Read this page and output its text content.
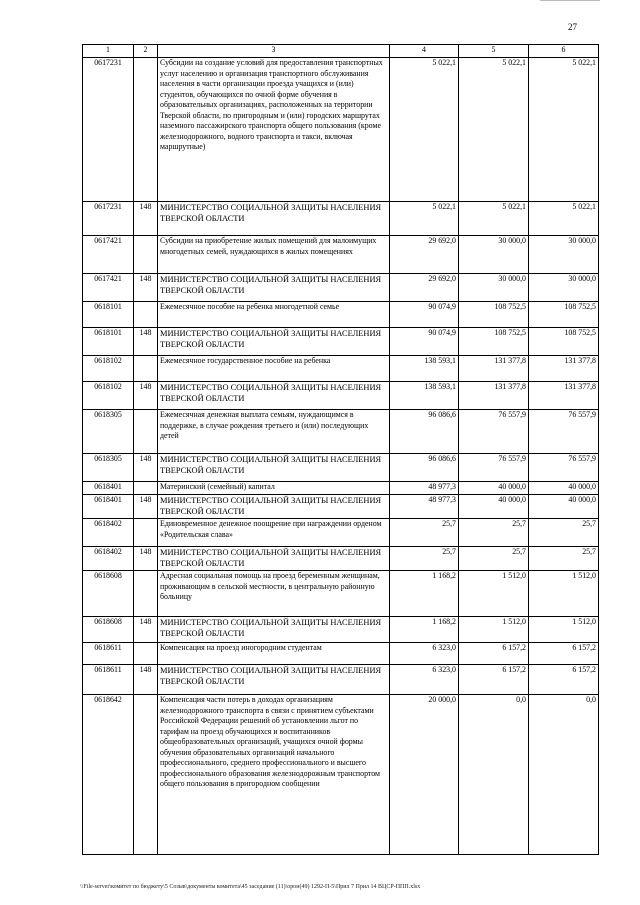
27
1	2	3	4	5	6
0617231		Субсидии на создание условий для предоставления транспортных услуг населению и организация транспортного обслуживания населения в части организации проезда учащихся и (или) студентов, обучающихся по очной форме обучения в образовательных организациях, расположенных на территории Тверской области, по пригородным и (или) городских маршрутах наземного пассажирского транспорта общего пользования (кроме железнодорожного, водного транспорта и такси, включая маршрутные)	5 022,1	5 022,1	5 022,1
0617231	148	МИНИСТЕРСТВО СОЦИАЛЬНОЙ ЗАЩИТЫ НАСЕЛЕНИЯ ТВЕРСКОЙ ОБЛАСТИ	5 022,1	5 022,1	5 022,1
0617421		Субсидии на приобретение жилых помещений для малоимущих многодетных семей, нуждающихся в жилых помещениях	29 692,0	30 000,0	30 000,0
0617421	148	МИНИСТЕРСТВО СОЦИАЛЬНОЙ ЗАЩИТЫ НАСЕЛЕНИЯ ТВЕРСКОЙ ОБЛАСТИ	29 692,0	30 000,0	30 000,0
0618101		Ежемесячное пособие на ребенка многодетной семье	90 074,9	108 752,5	108 752,5
0618101	148	МИНИСТЕРСТВО СОЦИАЛЬНОЙ ЗАЩИТЫ НАСЕЛЕНИЯ ТВЕРСКОЙ ОБЛАСТИ	90 074,9	108 752,5	108 752,5
0618102		Ежемесячное государственное пособие на ребенка	138 593,1	131 377,8	131 377,8
0618102	148	МИНИСТЕРСТВО СОЦИАЛЬНОЙ ЗАЩИТЫ НАСЕЛЕНИЯ ТВЕРСКОЙ ОБЛАСТИ	138 593,1	131 377,8	131 377,8
0618305		Ежемесячная денежная выплата семьям, нуждающимся в поддержке, в случае рождения третьего и (или) последующих детей	96 086,6	76 557,9	76 557,9
0618305	148	МИНИСТЕРСТВО СОЦИАЛЬНОЙ ЗАЩИТЫ НАСЕЛЕНИЯ ТВЕРСКОЙ ОБЛАСТИ	96 086,6	76 557,9	76 557,9
0618401		Материнский (семейный) капитал	48 977,3	40 000,0	40 000,0
0618401	148	МИНИСТЕРСТВО СОЦИАЛЬНОЙ ЗАЩИТЫ НАСЕЛЕНИЯ ТВЕРСКОЙ ОБЛАСТИ	48 977,3	40 000,0	40 000,0
0618402		Единовременное денежное поощрение при награждении орденом «Родительская слава»	25,7	25,7	25,7
0618402	148	МИНИСТЕРСТВО СОЦИАЛЬНОЙ ЗАЩИТЫ НАСЕЛЕНИЯ ТВЕРСКОЙ ОБЛАСТИ	25,7	25,7	25,7
0618608		Адресная социальная помощь на проезд беременным женщинам, проживающим в сельской местности, в центральную районную больницу	1 168,2	1 512,0	1 512,0
0618608	148	МИНИСТЕРСТВО СОЦИАЛЬНОЙ ЗАЩИТЫ НАСЕЛЕНИЯ ТВЕРСКОЙ ОБЛАСТИ	1 168,2	1 512,0	1 512,0
0618611		Компенсация на проезд иногородним студентам	6 323,0	6 157,2	6 157,2
0618611	148	МИНИСТЕРСТВО СОЦИАЛЬНОЙ ЗАЩИТЫ НАСЕЛЕНИЯ ТВЕРСКОЙ ОБЛАСТИ	6 323,0	6 157,2	6 157,2
0618642		Компенсация части потерь в доходах организациям железнодорожного транспорта в связи с принятием субъектами Российской Федерации решений об установлении льгот по тарифам на проезд обучающихся и воспитанников общеобразовательных организаций, учащихся очной формы обучения образовательных организаций начального профессионального, среднего профессионального и высшего профессионального образования железнодорожным транспортом общего пользования в пригородном сообщении	20 000,0	0,0	0,0
\\File-server\комитет по бюджету\5 Созыв\документы комитета\45 заседание (11)\орон(49) 1292-П-5\Прил 7 Прил 14 ВЦСР-ППП.xlsx
